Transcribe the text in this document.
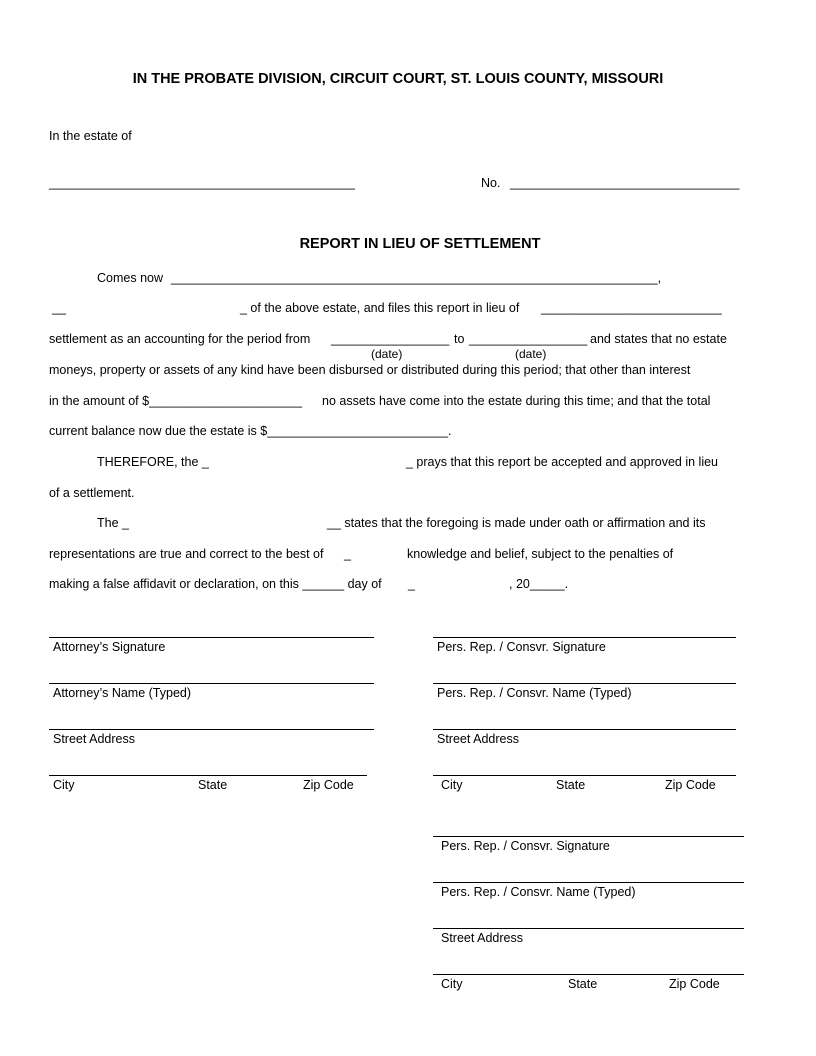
IN THE PROBATE DIVISION, CIRCUIT COURT, ST. LOUIS COUNTY, MISSOURI
In the estate of
____________________________________________	No. _________________________________
REPORT IN LIEU OF SETTLEMENT
Comes now ______________________________________________________________________,
__	_ of the above estate, and files this report in lieu of __________________________
settlement as an accounting for the period from _________________ to _________________ and states that no estate
(date)	(date)
moneys, property or assets of any kind have been disbursed or distributed during this period; that other than interest
in the amount of $______________________ no assets have come into the estate during this time; and that the total
current balance now due the estate is $__________________________.
THEREFORE, the _	_ prays that this report be accepted and approved in lieu
of a settlement.
The _	__ states that the foregoing is made under oath or affirmation and its
representations are true and correct to the best of _	knowledge and belief, subject to the penalties of
making a false affidavit or declaration, on this ______ day of _	, 20_____.
Attorney’s Signature
Attorney’s Name (Typed)
Street Address
City	State	Zip Code
Pers. Rep. / Consvr. Signature
Pers. Rep. / Consvr. Name (Typed)
Street Address
City	State	Zip Code
Pers. Rep. / Consvr. Signature
Pers. Rep. / Consvr. Name (Typed)
Street Address
City	State	Zip Code
